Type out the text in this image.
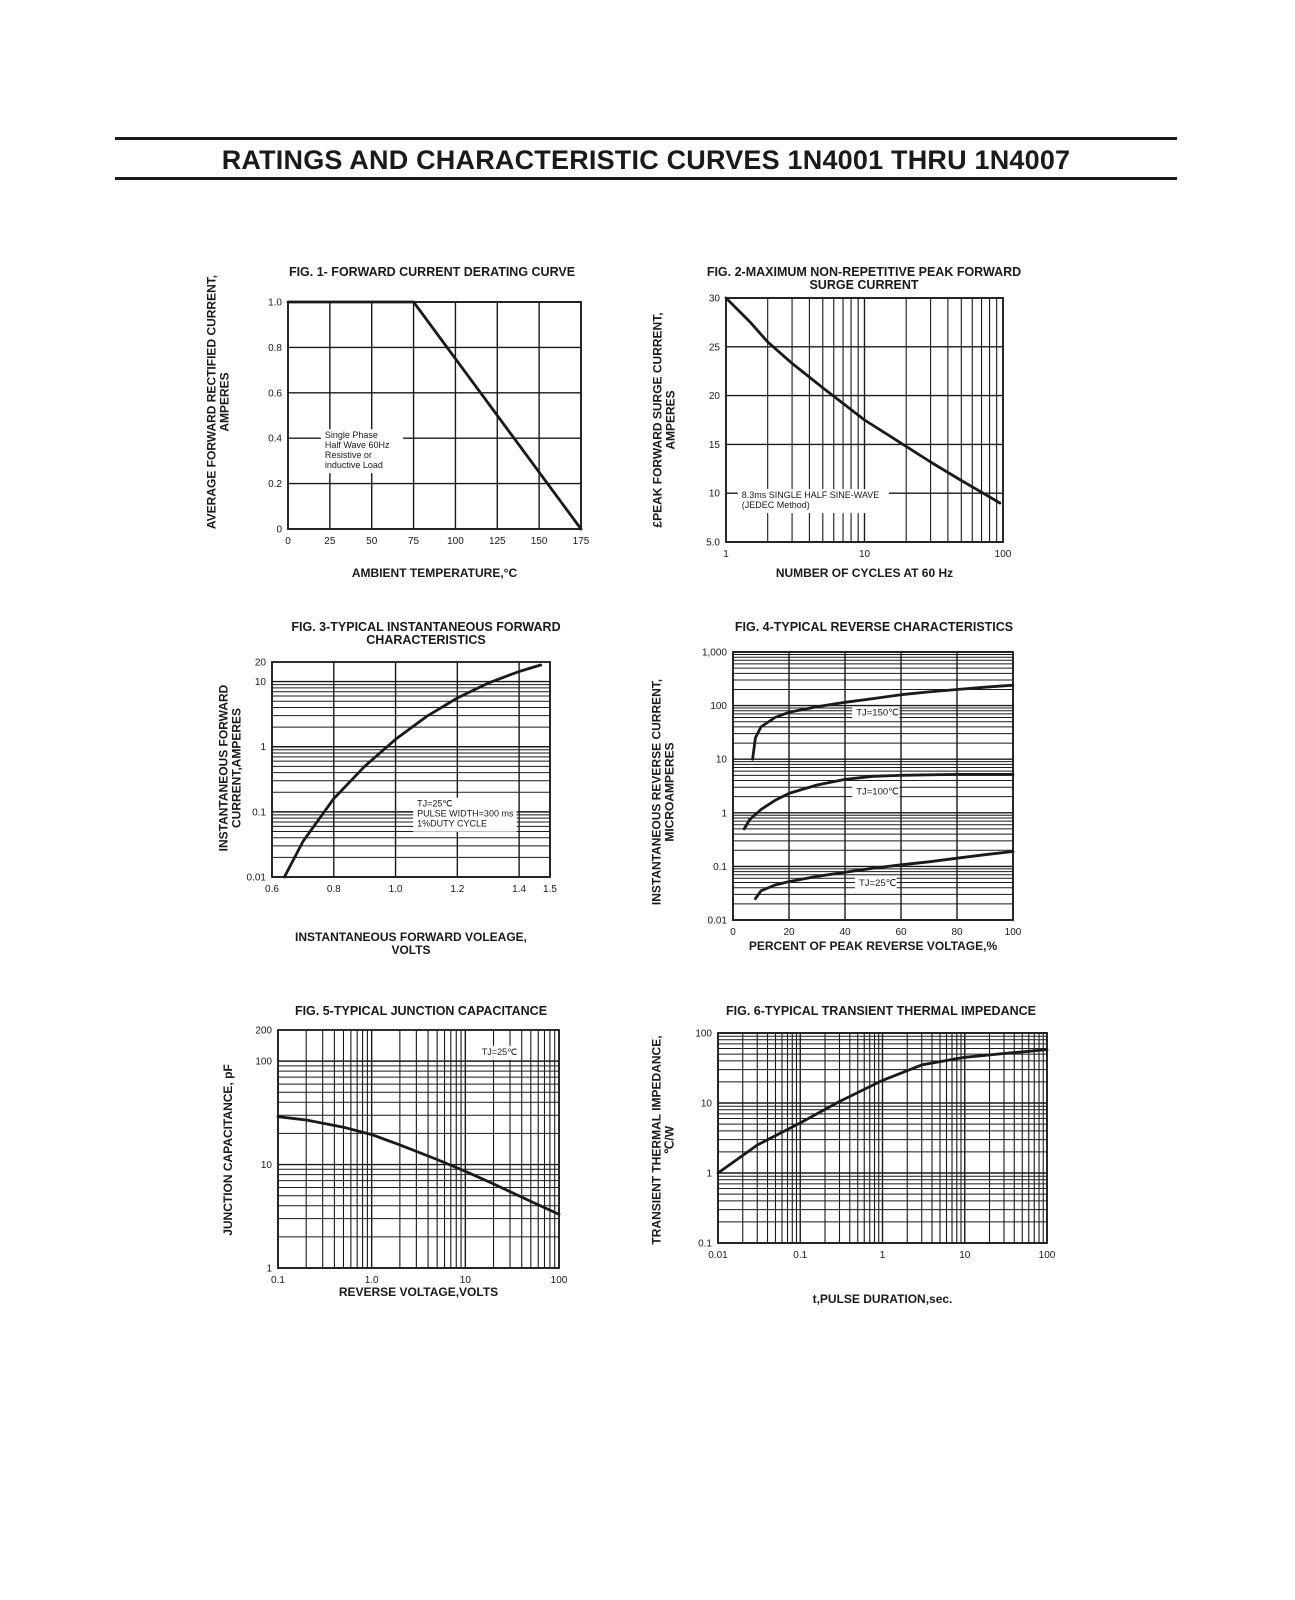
RATINGS AND CHARACTERISTIC CURVES 1N4001 THRU 1N4007
FIG. 1- FORWARD CURRENT DERATING CURVE
0	25	50	75	100	125	150	175
0
0.2
0.4
0.6
0.8
1.0
AMBIENT TEMPERATURE,°C
AVERAGE FORWARD RECTIFIED CURRENT, AMPERES
Single Phase
Half Wave 60Hz
Resistive or
inductive Load
FIG. 2-MAXIMUM NON-REPETITIVE PEAK FORWARD
SURGE CURRENT
1	10	100
5.0
10
15
20
25
30
NUMBER OF CYCLES AT 60 Hz
£PEAK FORWARD SURGE CURRENT, AMPERES
8.3ms SINGLE HALF SINE-WAVE
(JEDEC Method)
FIG. 3-TYPICAL INSTANTANEOUS FORWARD
CHARACTERISTICS
0.6	0.8	1.0	1.2	1.4 1.5
0.01
0.1
1
10
20
INSTANTANEOUS FORWARD VOLEAGE,
VOLTS
INSTANTANEOUS FORWARD CURRENT,AMPERES	TJ=25℃
PULSE WIDTH=300 ms
1%DUTY CYCLE
FIG. 4-TYPICAL REVERSE CHARACTERISTICS
0	20	40	60	80	100
0.01
0.1
1
10
100
1,000
PERCENT OF PEAK REVERSE VOLTAGE,%
INSTANTANEOUS REVERSE CURRENT, MICROAMPERES
TJ=150℃
TJ=100℃
TJ=25℃
FIG. 5-TYPICAL JUNCTION CAPACITANCE
0.1	1.0	10	100
1
10
100
200
REVERSE VOLTAGE,VOLTS
JUNCTION CAPACITANCE, pF
TJ=25℃
FIG. 6-TYPICAL TRANSIENT THERMAL IMPEDANCE
0.01	0.1	1	10	100
0.1
1
10
100
t,PULSE DURATION,sec.
TRANSIENT THERMAL IMPEDANCE, ℃/W
